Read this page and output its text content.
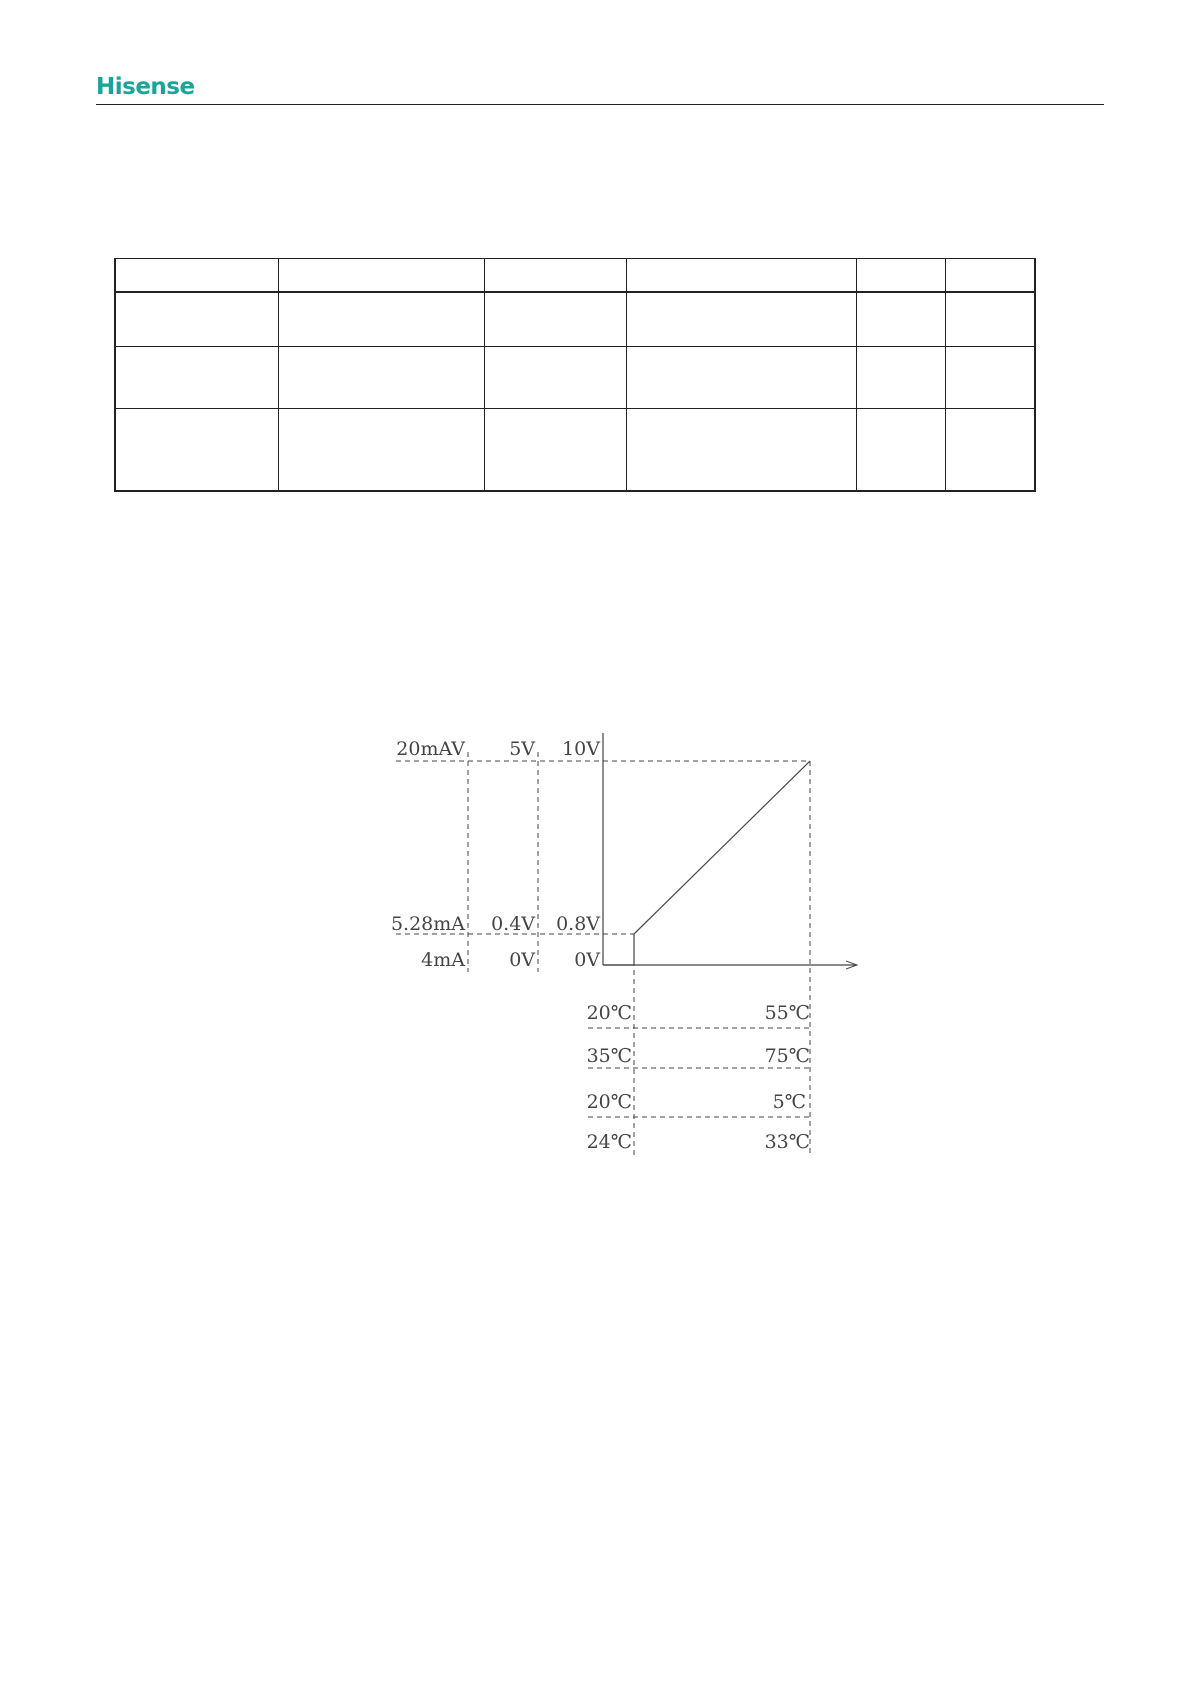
Hisense

20mAV 5V 10V
5.28mA 0.4V 0.8V
4mA 0V 0V
20℃	55℃
35℃	75℃
20℃	5℃
24℃	33℃
